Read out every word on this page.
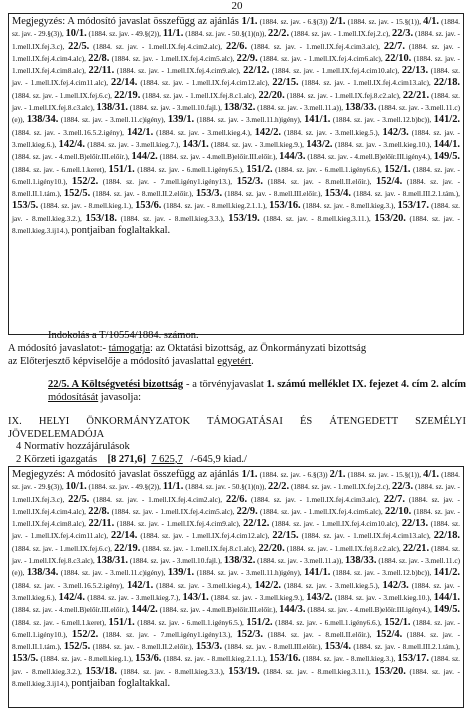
20
Megjegyzés: A módosító javaslat összefügg az ajánlás 1/1. (1884. sz. jav. - 6.§(3)) 2/1. (1884. sz. jav. - 15.§(1)), 4/1. (1884. sz. jav. - 29.§(3)), 10/1. (1884. sz. jav. - 49.§(2)), 11/1. (1884. sz. jav. - 50.§(1)(n)), 22/2. (1884. sz. jav. - 1.mell.IX.fej.2.c), 22/3. (1884. sz. jav. - 1.mell.IX.fej.3.c), 22/5. (1884. sz. jav. - 1.mell.IX.fej.4.cim2.alc), 22/6. (1884. sz. jav. - 1.mell.IX.fej.4.cim3.alc), 22/7. (1884. sz. jav. - 1.mell.IX.fej.4.cim4.alc), 22/8. (1884. sz. jav. - 1.mell.IX.fej.4.cim5.alc), 22/9. (1884. sz. jav. - 1.mell.IX.fej.4.cim6.alc), 22/10. (1884. sz. jav. - 1.mell.IX.fej.4.cim8.alc), 22/11. (1884. sz. jav. - 1.mell.IX.fej.4.cim9.alc), 22/12. (1884. sz. jav. - 1.mell.IX.fej.4.cim10.alc), 22/13. (1884. sz. jav. - 1.mell.IX.fej.4.cim11.alc), 22/14. (1884. sz. jav. - 1.mell.IX.fej.4.cim12.alc), 22/15. (1884. sz. jav. - 1.mell.IX.fej.4.cim13.alc), 22/18. (1884. sz. jav. - 1.mell.IX.fej.6.c), 22/19. (1884. sz. jav. - 1.mell.IX.fej.8.c1.alc), 22/20. (1884. sz. jav. - 1.mell.IX.fej.8.c2.alc), 22/21. (1884. sz. jav. - 1.mell.IX.fej.8.c3.alc), 138/31. (1884. sz. jav. - 3.mell.10.fajl.), 138/32. (1884. sz. jav. - 3.mell.11.a)), 138/33. (1884. sz. jav. - 3.mell.11.c)(e)), 138/34. (1884. sz. jav. - 3.mell.11.c)igény), 139/1. (1884. sz. jav. - 3.mell.11.h)igény), 141/1. (1884. sz. jav. - 3.mell.12.b)bc)), 141/2. (1884. sz. jav. - 3.mell.16.5.2.igény), 142/1. (1884. sz. jav. - 3.mell.kieg.4.), 142/2. (1884. sz. jav. - 3.mell.kieg.5.), 142/3. (1884. sz. jav. - 3.mell.kieg.6.), 142/4. (1884. sz. jav. - 3.mell.kieg.7.), 143/1. (1884. sz. jav. - 3.mell.kieg.9.), 143/2. (1884. sz. jav. - 3.mell.kieg.10.), 144/1. (1884. sz. jav. - 4.mell.B)előír.III.előír.), 144/2. (1884. sz. jav. - 4.mell.B)előír.III.előír.), 144/3. (1884. sz. jav. - 4.mell.B)előír.III.igény4.), 149/5. (1884. sz. jav. - 6.mell.1.keret), 151/1. (1884. sz. jav. - 6.mell.1.igény6.5.), 151/2. (1884. sz. jav. - 6.mell.1.igény6.6.), 152/1. (1884. sz. jav. - 6.mell.1.igény10.), 152/2. (1884. sz. jav. - 7.mell.igény1.igény13.), 152/3. (1884. sz. jav. - 8.mell.II.előír.), 152/4. (1884. sz. jav. - 8.mell.II.1.tám.), 152/5. (1884. sz. jav. - 8.mell.II.2.előír.), 153/3. (1884. sz. jav. - 8.mell.III.előír.), 153/4. (1884. sz. jav. - 8.mell.III.2.1.tám.), 153/5. (1884. sz. jav. - 8.mell.kieg.1.), 153/6. (1884. sz. jav. - 8.mell.kieg.2.1.1.), 153/16. (1884. sz. jav. - 8.mell.kieg.3.), 153/17. (1884. sz. jav. - 8.mell.kieg.3.2.), 153/18. (1884. sz. jav. - 8.mell.kieg.3.3.), 153/19. (1884. sz. jav. - 8.mell.kieg.3.11.), 153/20. (1884. sz. jav. - 8.mell.kieg.3.ij14.), pontjaiban foglaltakkal.
Indokolás a T/10554/1884. számon.
A módosító javaslatot:- támogatja: az Oktatási bizottság, az Önkormányzati bizottság
az Előterjesztő képviselője a módosító javaslattal egyetért.
22/5. A Költségvetési bizottság - a törvényjavaslat 1. számú melléklet IX. fejezet 4. cím 2. alcím módosítását javasolja:
IX. HELYI ÖNKORMÁNYZATOK TÁMOGATÁSAI ÉS ÁTENGEDETT SZEMÉLYI JÖVEDELEMADÓJA
4 Normatív hozzájárulások
2 Körzeti igazgatás [8 271,6] 7 625,7 /-645,9 kiad./
Megjegyzés: A módosító javaslat összefügg az ajánlás 1/1. (1884. sz. jav. - 6.§(3)) 2/1. (1884. sz. jav. - 15.§(1)), 4/1. (1884. sz. jav. - 29.§(3)), 10/1. (1884. sz. jav. - 49.§(2)), 11/1. (1884. sz. jav. - 50.§(1)(n)), 22/2. (1884. sz. jav. - 1.mell.IX.fej.2.c), 22/3. (1884. sz. jav. - 1.mell.IX.fej.3.c), 22/5. (1884. sz. jav. - 1.mell.IX.fej.4.cim2.alc), 22/6. (1884. sz. jav. - 1.mell.IX.fej.4.cim3.alc), 22/7. (1884. sz. jav. - 1.mell.IX.fej.4.cim4.alc), 22/8. (1884. sz. jav. - 1.mell.IX.fej.4.cim5.alc), 22/9. (1884. sz. jav. - 1.mell.IX.fej.4.cim6.alc), 22/10. (1884. sz. jav. - 1.mell.IX.fej.4.cim8.alc), 22/11. (1884. sz. jav. - 1.mell.IX.fej.4.cim9.alc), 22/12. (1884. sz. jav. - 1.mell.IX.fej.4.cim10.alc), 22/13. (1884. sz. jav. - 1.mell.IX.fej.4.cim11.alc), 22/14. (1884. sz. jav. - 1.mell.IX.fej.4.cim12.alc), 22/15. (1884. sz. jav. - 1.mell.IX.fej.4.cim13.alc), 22/18. (1884. sz. jav. - 1.mell.IX.fej.6.c), 22/19. (1884. sz. jav. - 1.mell.IX.fej.8.c1.alc), 22/20. (1884. sz. jav. - 1.mell.IX.fej.8.c2.alc), 22/21. (1884. sz. jav. - 1.mell.IX.fej.8.c3.alc), 138/31. (1884. sz. jav. - 3.mell.10.fajl.), 138/32. (1884. sz. jav. - 3.mell.11.a)), 138/33. (1884. sz. jav. - 3.mell.11.c)(e)), 138/34. (1884. sz. jav. - 3.mell.11.c)igény), 139/1. (1884. sz. jav. - 3.mell.11.h)igény), 141/1. (1884. sz. jav. - 3.mell.12.b)bc)), 141/2. (1884. sz. jav. - 3.mell.16.5.2.igény), 142/1. (1884. sz. jav. - 3.mell.kieg.4.), 142/2. (1884. sz. jav. - 3.mell.kieg.5.), 142/3. (1884. sz. jav. - 3.mell.kieg.6.), 142/4. (1884. sz. jav. - 3.mell.kieg.7.), 143/1. (1884. sz. jav. - 3.mell.kieg.9.), 143/2. (1884. sz. jav. - 3.mell.kieg.10.), 144/1. (1884. sz. jav. - 4.mell.B)előír.III.előír.), 144/2. (1884. sz. jav. - 4.mell.B)előír.III.előír.), 144/3. (1884. sz. jav. - 4.mell.B)előír.III.igény4.), 149/5. (1884. sz. jav. - 6.mell.1.keret), 151/1. (1884. sz. jav. - 6.mell.1.igény6.5.), 151/2. (1884. sz. jav. - 6.mell.1.igény6.6.), 152/1. (1884. sz. jav. - 6.mell.1.igény10.), 152/2. (1884. sz. jav. - 7.mell.igény1.igény13.), 152/3. (1884. sz. jav. - 8.mell.II.előír.), 152/4. (1884. sz. jav. - 8.mell.II.1.tám.), 152/5. (1884. sz. jav. - 8.mell.II.2.előír.), 153/3. (1884. sz. jav. - 8.mell.III.előír.), 153/4. (1884. sz. jav. - 8.mell.III.2.1.tám.), 153/5. (1884. sz. jav. - 8.mell.kieg.1.), 153/6. (1884. sz. jav. - 8.mell.kieg.2.1.1.), 153/16. (1884. sz. jav. - 8.mell.kieg.3.), 153/17. (1884. sz. jav. - 8.mell.kieg.3.2.), 153/18. (1884. sz. jav. - 8.mell.kieg.3.3.), 153/19. (1884. sz. jav. - 8.mell.kieg.3.11.), 153/20. (1884. sz. jav. - 8.mell.kieg.3.ij14.), pontjaiban foglaltakkal.
